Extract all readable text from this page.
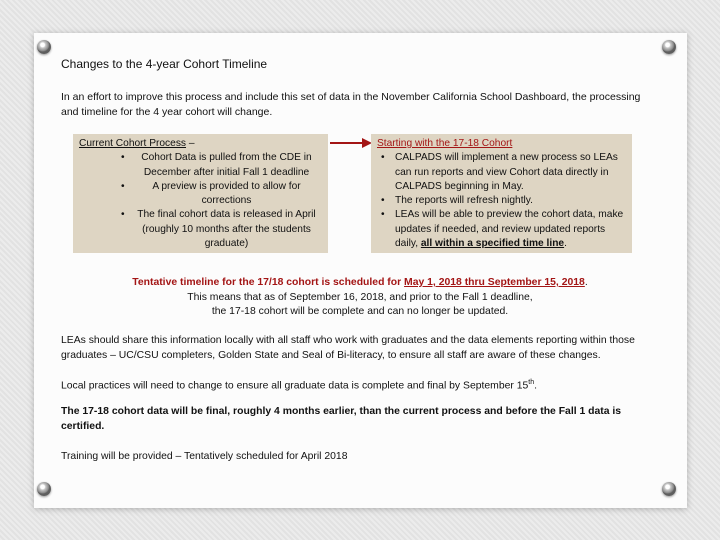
Changes to the 4-year Cohort Timeline
In an effort to improve this process and include this set of data in the November California School Dashboard, the processing and timeline for the 4 year cohort will change.
Current Cohort Process –
• Cohort Data is pulled from the CDE in December after initial Fall 1 deadline
• A preview is provided to allow for corrections
• The final cohort data is released in April (roughly 10 months after the students graduate)
Starting with the 17-18 Cohort
• CALPADS will implement a new process so LEAs can run reports and view Cohort data directly in CALPADS beginning in May.
• The reports will refresh nightly.
• LEAs will be able to preview the cohort data, make updates if needed, and review updated reports daily, all within a specified time line.
Tentative timeline for the 17/18 cohort is scheduled for May 1, 2018 thru September 15, 2018.
This means that as of September 16, 2018, and prior to the Fall 1 deadline,
the 17-18 cohort will be complete and can no longer be updated.
LEAs should share this information locally with all staff who work with graduates and the data elements reporting within those graduates – UC/CSU completers, Golden State and Seal of Bi-literacy, to ensure all staff are aware of these changes.
Local practices will need to change to ensure all graduate data is complete and final by September 15th.
The 17-18 cohort data will be final, roughly 4 months earlier, than the current process and before the Fall 1 data is certified.
Training will be provided – Tentatively scheduled for April 2018
